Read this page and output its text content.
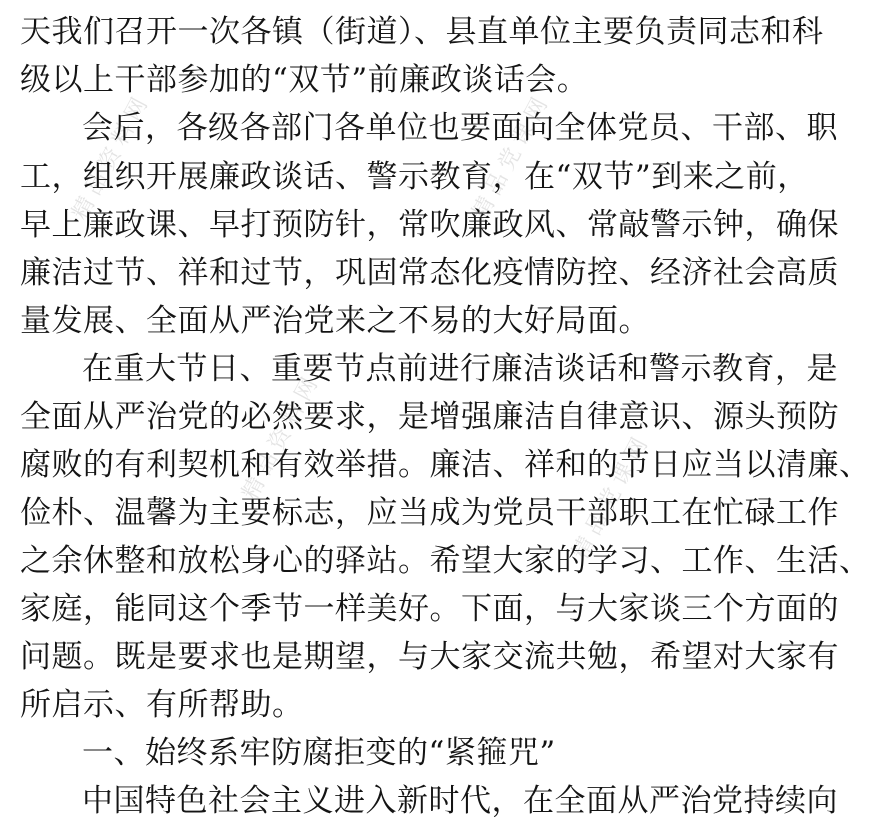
精品资料网	精品党课网
精品资料网	精品党课网
天我们召开一次各镇（街道）、县直单位主要负责同志和科
级以上干部参加的“双节”前廉政谈话会。
会后，各级各部门各单位也要面向全体党员、干部、职
工，组织开展廉政谈话、警示教育，在“双节”到来之前，
早上廉政课、早打预防针，常吹廉政风、常敲警示钟，确保
廉洁过节、祥和过节，巩固常态化疫情防控、经济社会高质
量发展、全面从严治党来之不易的大好局面。
在重大节日、重要节点前进行廉洁谈话和警示教育，是
全面从严治党的必然要求，是增强廉洁自律意识、源头预防
腐败的有利契机和有效举措。廉洁、祥和的节日应当以清廉、
俭朴、温馨为主要标志，应当成为党员干部职工在忙碌工作
之余休整和放松身心的驿站。希望大家的学习、工作、生活、
家庭，能同这个季节一样美好。下面，与大家谈三个方面的
问题。既是要求也是期望，与大家交流共勉，希望对大家有
所启示、有所帮助。
一、始终系牢防腐拒变的“紧箍咒”
中国特色社会主义进入新时代，在全面从严治党持续向
